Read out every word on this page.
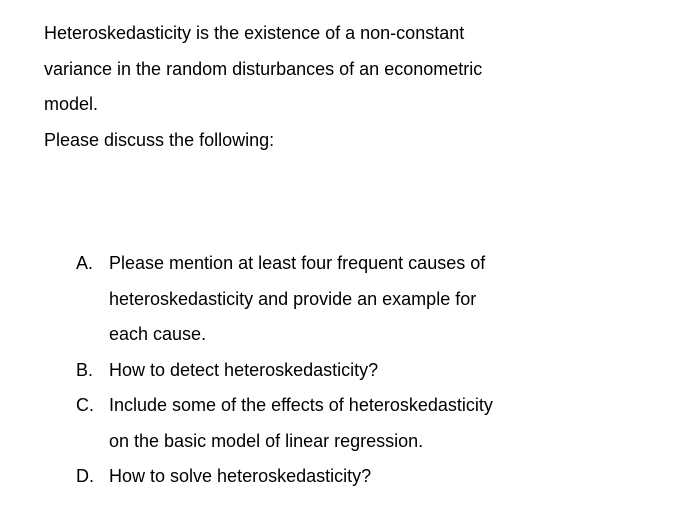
Heteroskedasticity is the existence of a non-constant
variance in the random disturbances of an econometric
model.
Please discuss the following:
A. Please mention at least four frequent causes of
heteroskedasticity and provide an example for
each cause.
B. How to detect heteroskedasticity?
C. Include some of the effects of heteroskedasticity
on the basic model of linear regression.
D. How to solve heteroskedasticity?
